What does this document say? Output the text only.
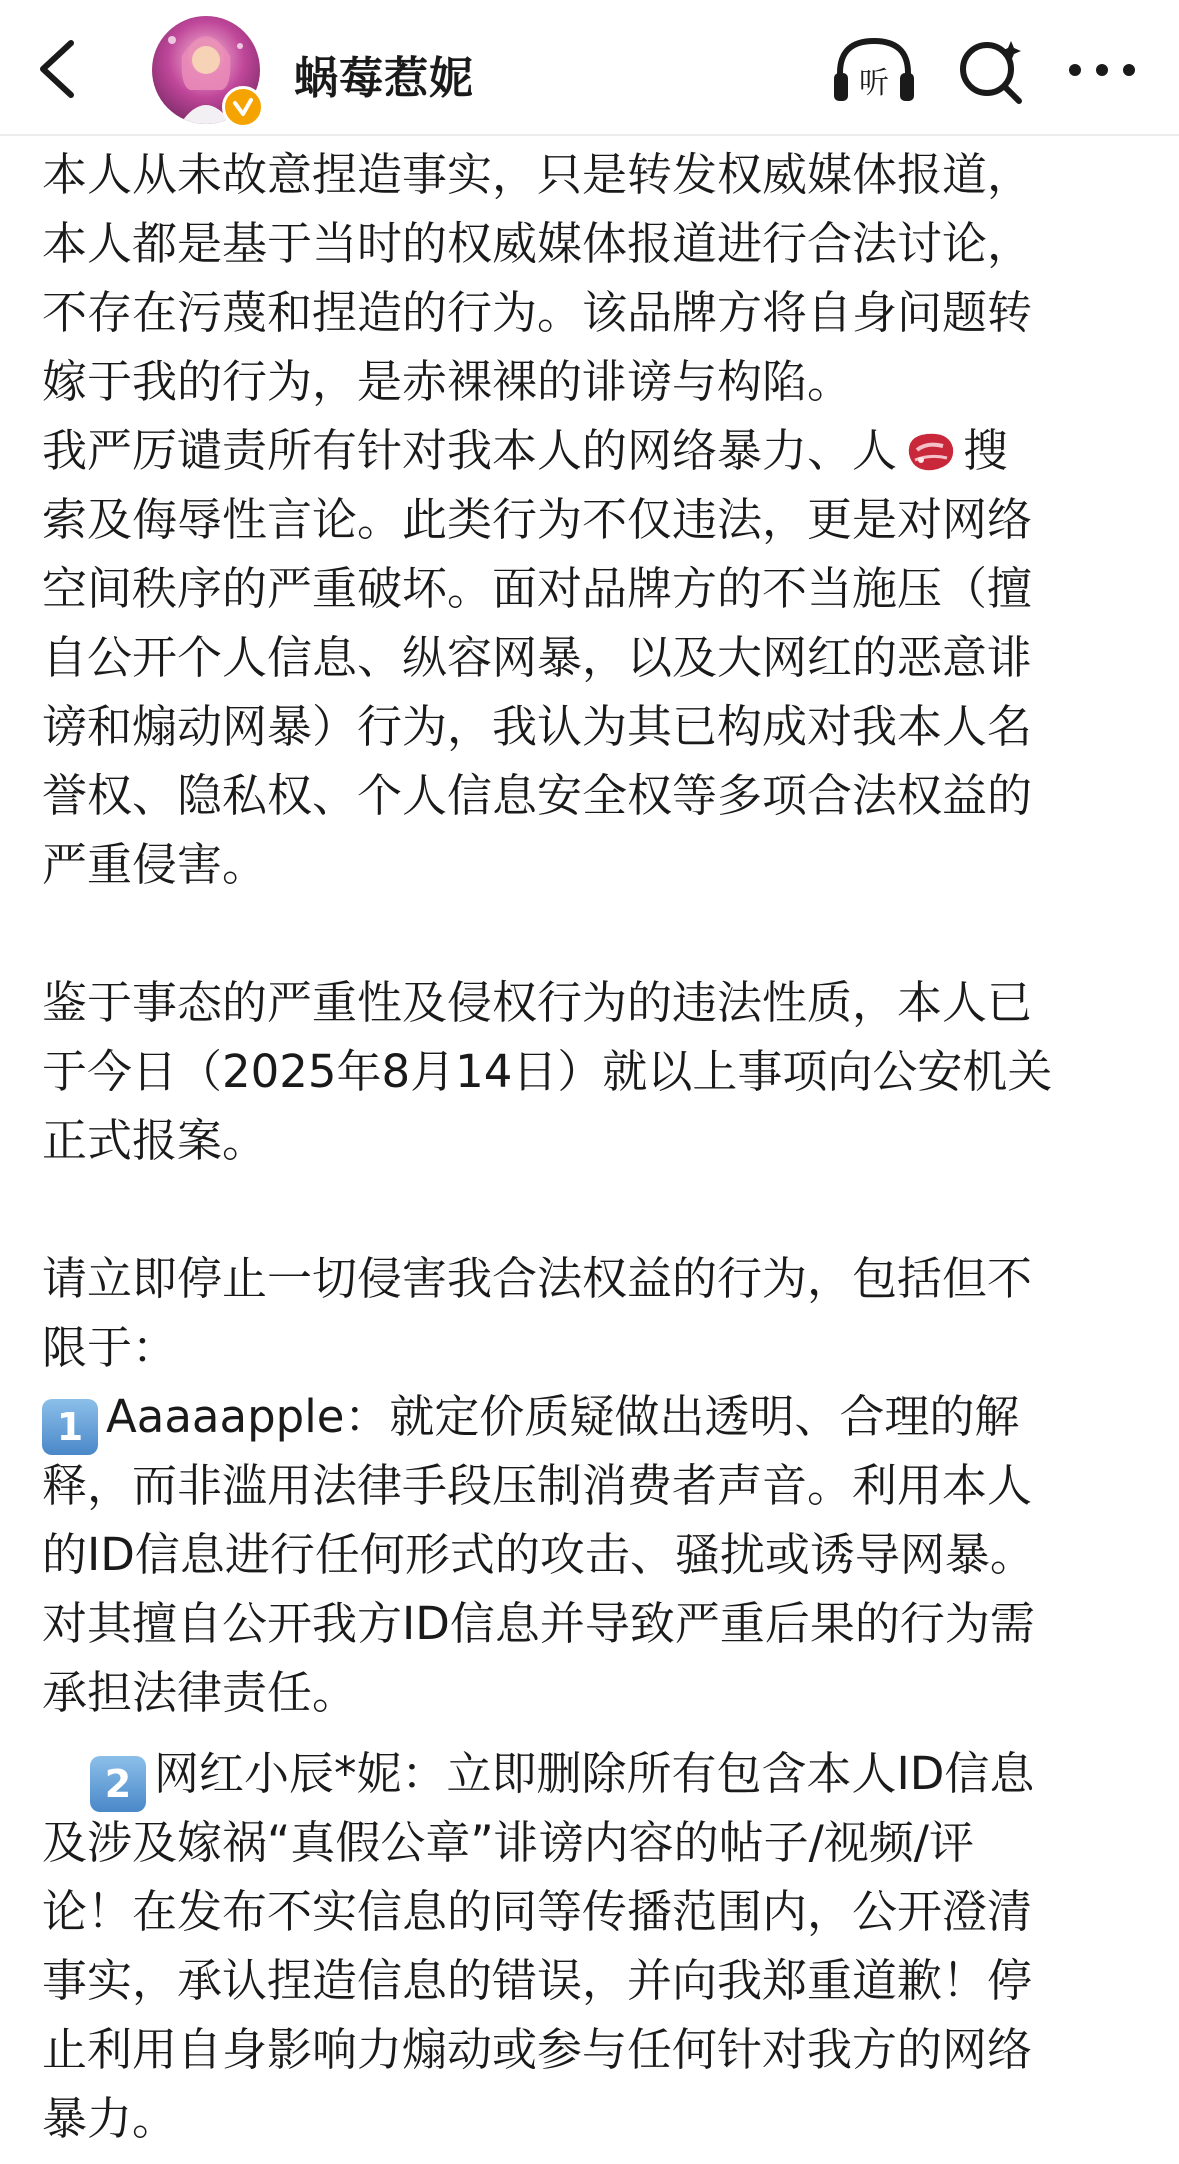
蜗莓惹妮	听
本人从未故意捏造事实，只是转发权威媒体报道，
本人都是基于当时的权威媒体报道进行合法讨论，
不存在污蔑和捏造的行为。该品牌方将自身问题转
嫁于我的行为，是赤裸裸的诽谤与构陷。
我严厉谴责所有针对我本人的网络暴力、人 搜
索及侮辱性言论。此类行为不仅违法，更是对网络
空间秩序的严重破坏。面对品牌方的不当施压（擅
自公开个人信息、纵容网暴，以及大网红的恶意诽
谤和煽动网暴）行为，我认为其已构成对我本人名
誉权、隐私权、个人信息安全权等多项合法权益的
严重侵害。
鉴于事态的严重性及侵权行为的违法性质，本人已
于今日（2025年8月14日）就以上事项向公安机关
正式报案。
请立即停止一切侵害我合法权益的行为，包括但不
限于：
1 Aaaaapple：就定价质疑做出透明、合理的解
释，而非滥用法律手段压制消费者声音。利用本人
的ID信息进行任何形式的攻击、骚扰或诱导网暴。
对其擅自公开我方ID信息并导致严重后果的行为需
承担法律责任。
2 网红小辰*妮：立即删除所有包含本人ID信息
及涉及嫁祸“真假公章”诽谤内容的帖子/视频/评
论！在发布不实信息的同等传播范围内，公开澄清
事实，承认捏造信息的错误，并向我郑重道歉！停
止利用自身影响力煽动或参与任何针对我方的网络
暴力。
